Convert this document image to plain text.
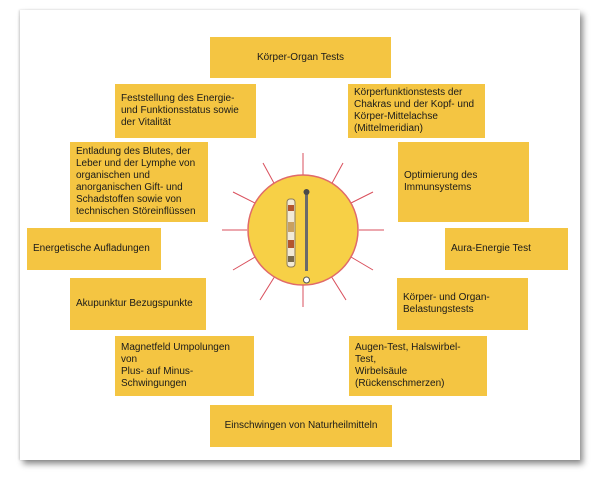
Körper-Organ Tests
Feststellung des Energie-
und Funktionsstatus sowie
der Vitalität
Entladung des Blutes, der
Leber und der Lymphe von
organischen und
anorganischen Gift- und
Schadstoffen sowie von
technischen Störeinflüssen
Energetische Aufladungen
Akupunktur Bezugspunkte
Magnetfeld Umpolungen von
Plus- auf Minus-
Schwingungen
Körperfunktionstests der
Chakras und der Kopf- und
Körper-Mittelachse
(Mittelmeridian)
Optimierung des
Immunsystems
Aura-Energie Test
Körper- und Organ-
Belastungstests
Augen-Test, Halswirbel-Test,
Wirbelsäule
(Rückenschmerzen)
Einschwingen von Naturheilmitteln
